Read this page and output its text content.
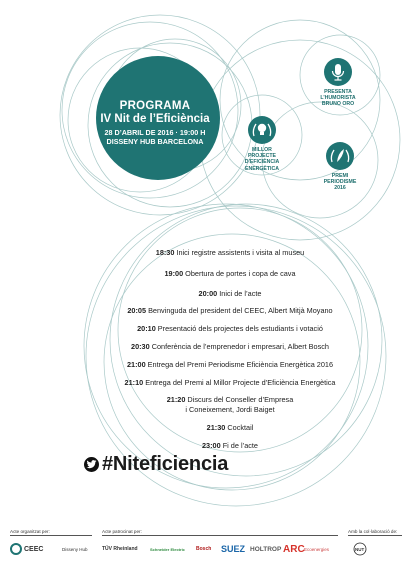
PROGRAMA
IV Nit de l’Eficiència
28 D’ABRIL DE 2016 · 19:00 H
DISSENY HUB BARCELONA
PRESENTA
L’HUMORISTA
BRUNO ORO
MILLOR
PROJECTE
D’EFICIÈNCIA
ENERGÈTICA
PREMI
PERIODISME
2016
18:30 Inici registre assistents i visita al museu
19:00 Obertura de portes i copa de cava
20:00 Inici de l’acte
20:05 Benvinguda del president del CEEC, Albert Mitjà Moyano
20:10 Presentació dels projectes dels estudiants i votació
20:30 Conferència de l’emprenedor i empresari, Albert Bosch
21:00 Entrega del Premi Periodisme Eficiència Energètica 2016
21:10 Entrega del Premi al Millor Projecte d’Eficiència Energètica
21:20 Discurs del Conseller d’Empresa
i Coneixement, Jordi Baiget
21:30 Cocktail
23:00 Fi de l’acte
#Niteficiencia
Acte organitzat per:	Acte patrocinat per:	Amb la col·laboració de:
CEEC	Disseny Hub	TÜV Rheinland	Schneider Electric Bosch SUEZ HOLTROP ARC Ecoenergies	NUT
